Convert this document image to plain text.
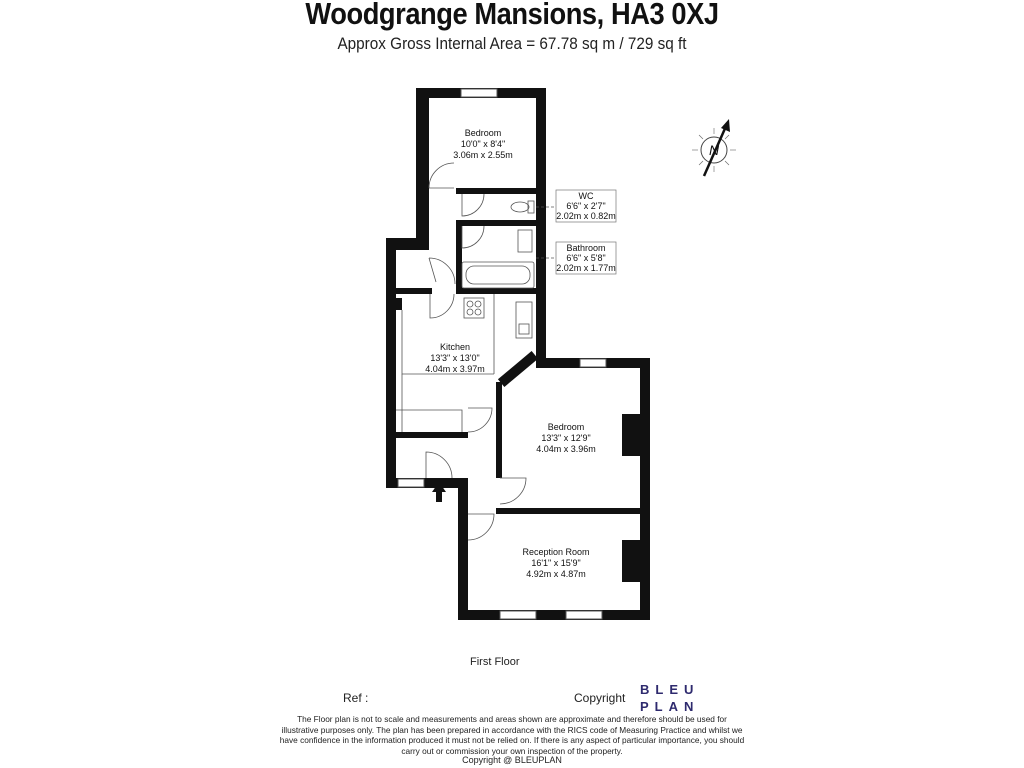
Woodgrange Mansions, HA3 0XJ
Approx Gross Internal Area = 67.78 sq m / 729 sq ft
Bedroom
10'0" x 8'4"
3.06m x 2.55m
WC
6'6" x 2'7"
2.02m x 0.82m
Bathroom
6'6" x 5'8"
2.02m x 1.77m
Kitchen
13'3" x 13'0"
4.04m x 3.97m
Bedroom
13'3" x 12'9"
4.04m x 3.96m
Reception Room
16'1" x 15'9"
4.92m x 4.87m
N
First Floor
Ref :	Copyright
BLEU
PLAN
The Floor plan is not to scale and measurements and areas shown are approximate and therefore should be used for illustrative purposes only. The plan has been prepared in accordance with the RICS code of Measuring Practice and whilst we have confidence in the information produced it must not be relied on. If there is any aspect of particular importance, you should carry out or commission your own inspection of the property.
Copyright @ BLEUPLAN
